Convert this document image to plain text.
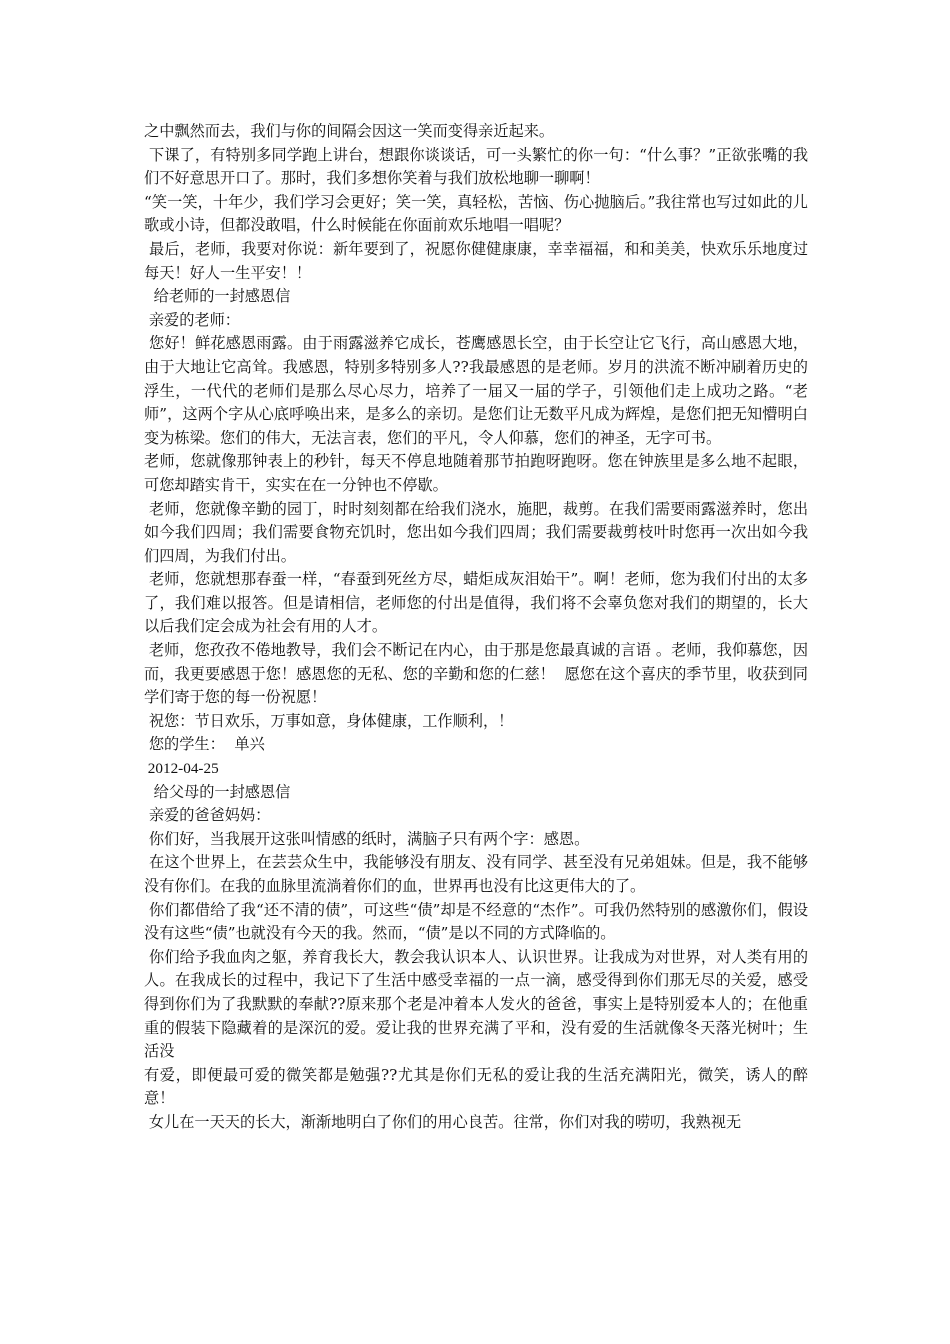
之中飘然而去，我们与你的间隔会因这一笑而变得亲近起来。

下课了，有特别多同学跑上讲台，想跟你谈谈话，可一头繁忙的你一句：“什么事？”正欲张嘴的我们不好意思开口了。那时，我们多想你笑着与我们放松地聊一聊啊！

“笑一笑，十年少，我们学习会更好；笑一笑，真轻松，苦恼、伤心抛脑后。”我往常也写过如此的儿歌或小诗，但都没敢唱，什么时候能在你面前欢乐地唱一唱呢？

最后，老师，我要对你说：新年要到了，祝愿你健健康康，幸幸福福，和和美美，快欢乐乐地度过每天！好人一生平安！！

给老师的一封感恩信

亲爱的老师：

您好！鲜花感恩雨露。由于雨露滋养它成长，苍鹰感恩长空，由于长空让它飞行，高山感恩大地，由于大地让它高耸。我感恩，特别多特别多人??我最感恩的是老师。岁月的洪流不断冲刷着历史的浮生，一代代的老师们是那么尽心尽力，培养了一届又一届的学子，引领他们走上成功之路。“老师”，这两个字从心底呼唤出来，是多么的亲切。是您们让无数平凡成为辉煌，是您们把无知懵明白变为栋梁。您们的伟大，无法言表，您们的平凡，令人仰慕，您们的神圣，无字可书。

老师，您就像那钟表上的秒针，每天不停息地随着那节拍跑呀跑呀。您在钟族里是多么地不起眼，可您却踏实肯干，实实在在一分钟也不停歇。

老师，您就像辛勤的园丁，时时刻刻都在给我们浇水，施肥，裁剪。在我们需要雨露滋养时，您出如今我们四周；我们需要食物充饥时，您出如今我们四周；我们需要裁剪枝叶时您再一次出如今我们四周，为我们付出。

老师，您就想那春蚕一样，“春蚕到死丝方尽，蜡炬成灰泪始干”。啊！老师，您为我们付出的太多了，我们难以报答。但是请相信，老师您的付出是值得，我们将不会辜负您对我们的期望的，长大以后我们定会成为社会有用的人才。

老师，您孜孜不倦地教导，我们会不断记在内心，由于那是您最真诚的言语 。老师，我仰慕您，因而，我更要感恩于您！感恩您的无私、您的辛勤和您的仁慈！  愿您在这个喜庆的季节里，收获到同学们寄于您的每一份祝愿！

祝您：节日欢乐，万事如意，身体健康，工作顺利，！

您的学生：  单兴

2012-04-25

给父母的一封感恩信

亲爱的爸爸妈妈：

你们好，当我展开这张叫情感的纸时，满脑子只有两个字：感恩。

在这个世界上，在芸芸众生中，我能够没有朋友、没有同学、甚至没有兄弟姐妹。但是，我不能够没有你们。在我的血脉里流淌着你们的血，世界再也没有比这更伟大的了。

你们都借给了我“还不清的债”，可这些“债”却是不经意的“杰作”。可我仍然特别的感激你们，假设没有这些“债”也就没有今天的我。然而，“债”是以不同的方式降临的。

你们给予我血肉之躯，养育我长大，教会我认识本人、认识世界。让我成为对世界，对人类有用的人。在我成长的过程中，我记下了生活中感受幸福的一点一滴，感受得到你们那无尽的关爱，感受得到你们为了我默默的奉献??原来那个老是冲着本人发火的爸爸，事实上是特别爱本人的；在他重重的假装下隐藏着的是深沉的爱。爱让我的世界充满了平和，没有爱的生活就像冬天落光树叶；生活没

有爱，即便最可爱的微笑都是勉强??尤其是你们无私的爱让我的生活充满阳光，微笑，诱人的醉意！

女儿在一天天的长大，渐渐地明白了你们的用心良苦。往常，你们对我的唠叨，我熟视无
